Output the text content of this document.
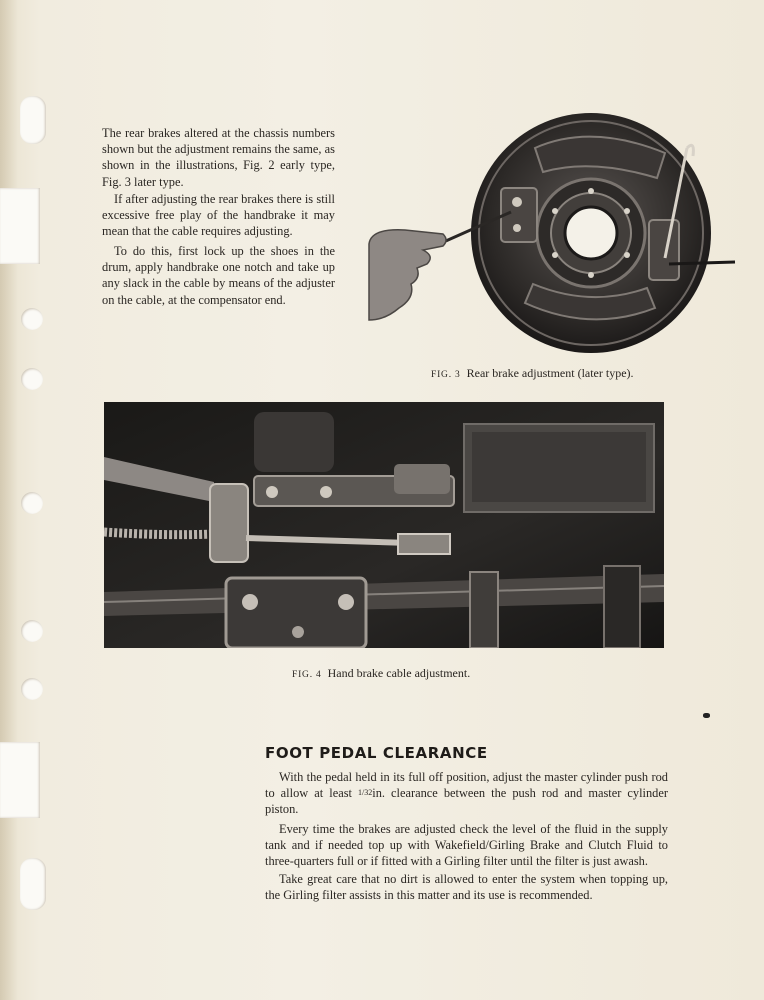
The rear brakes altered at the chassis numbers shown but the adjustment remains the same, as shown in the illustrations, Fig. 2 early type, Fig. 3 later type.

If after adjusting the rear brakes there is still excessive free play of the handbrake it may mean that the cable requires adjusting.

To do this, first lock up the shoes in the drum, apply handbrake one notch and take up any slack in the cable by means of the adjuster on the cable, at the compensator end.

FIG. 3 Rear brake adjustment (later type).

FIG. 4 Hand brake cable adjustment.

FOOT PEDAL CLEARANCE

With the pedal held in its full off position, adjust the master cylinder push rod to allow at least 1/32in. clearance between the push rod and master cylinder piston.

Every time the brakes are adjusted check the level of the fluid in the supply tank and if needed top up with Wakefield/Girling Brake and Clutch Fluid to three-quarters full or if fitted with a Girling filter until the filter is just awash.

Take great care that no dirt is allowed to enter the system when topping up, the Girling filter assists in this matter and its use is recommended.
